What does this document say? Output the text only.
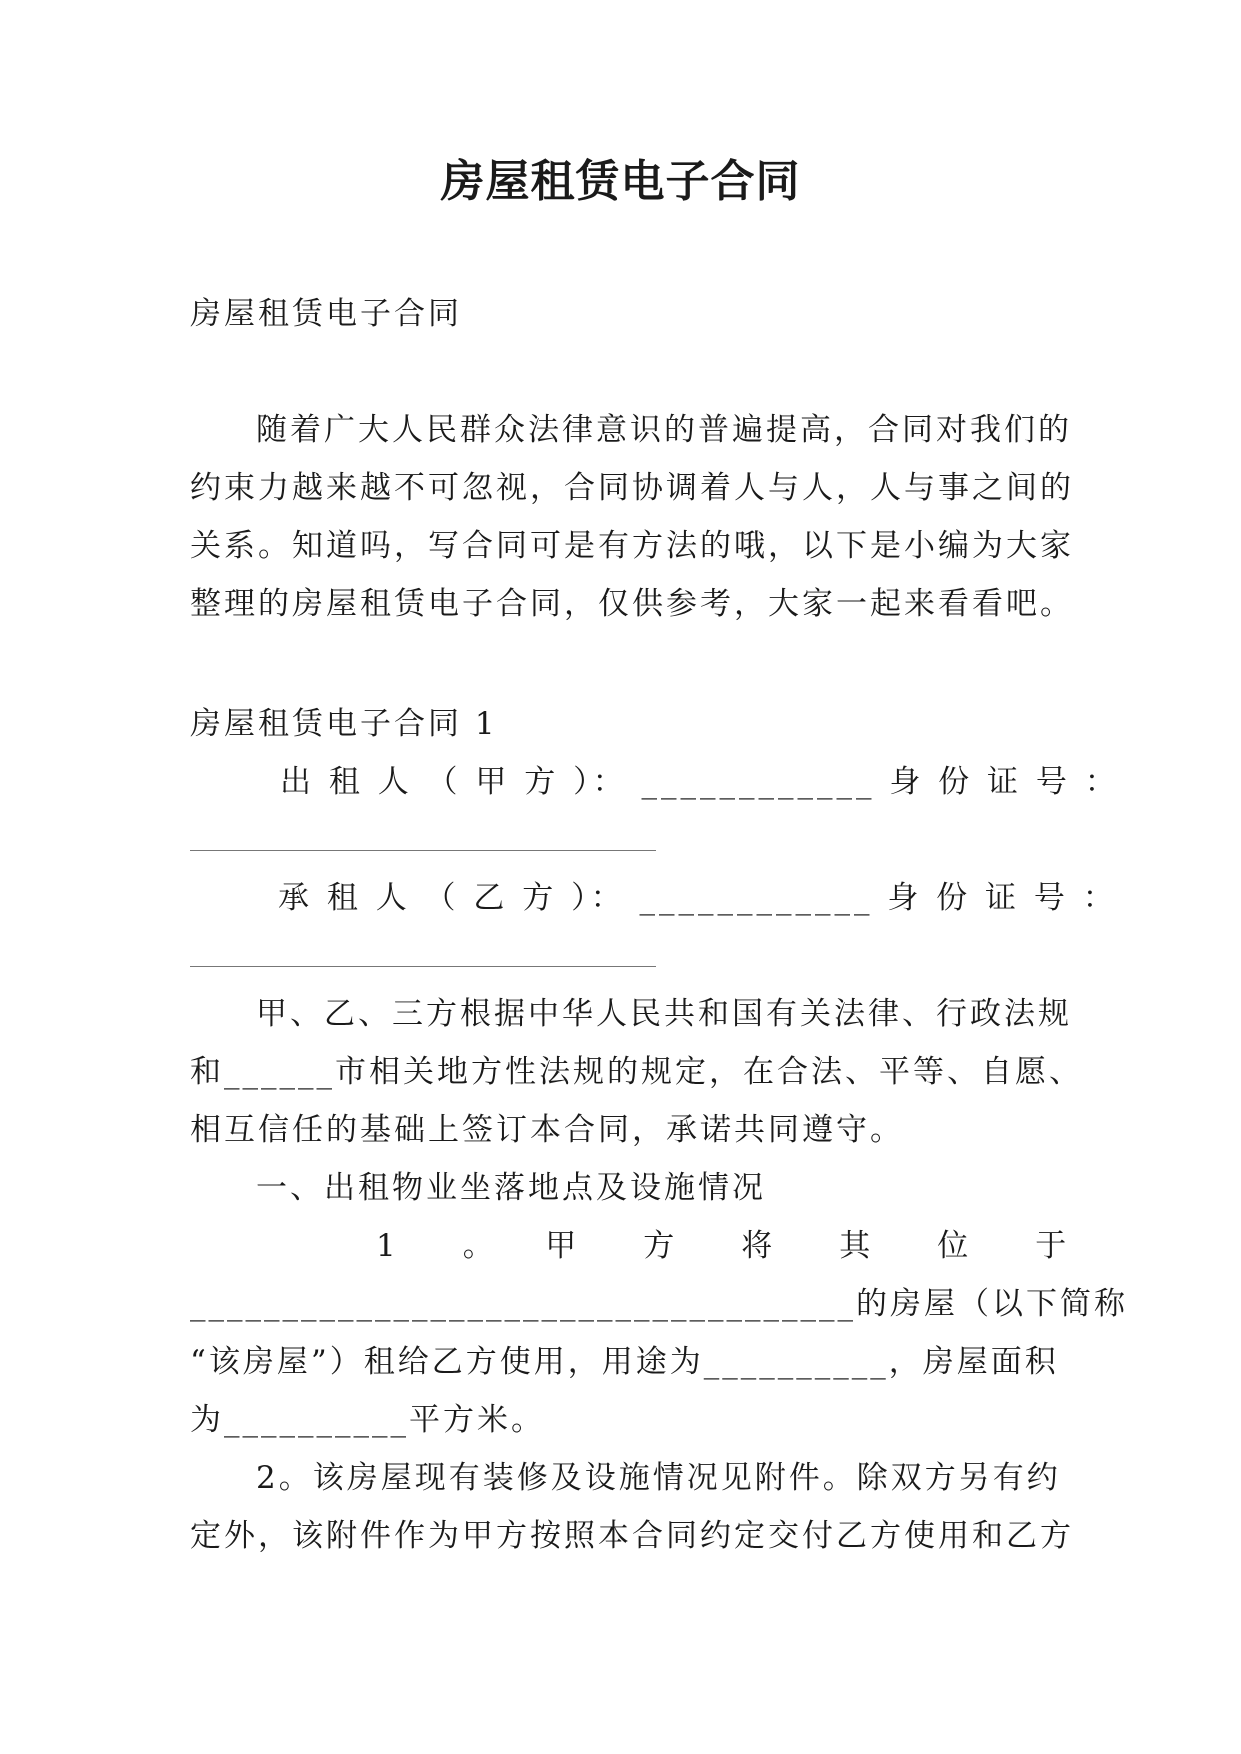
房屋租赁电子合同

房屋租赁电子合同

随着广大人民群众法律意识的普遍提高，合同对我们的

约束力越来越不可忽视，合同协调着人与人，人与事之间的

关系。知道吗，写合同可是有方法的哦，以下是小编为大家

整理的房屋租赁电子合同，仅供参考，大家一起来看看吧。

房屋租赁电子合同 1

出 租 人 （ 甲 方 ）： ____________ 身 份 证 号 ：

承 租 人 （ 乙 方 ）： ____________ 身 份 证 号 ：

甲、乙、三方根据中华人民共和国有关法律、行政法规

和______市相关地方性法规的规定，在合法、平等、自愿、

相互信任的基础上签订本合同，承诺共同遵守。

一、出租物业坐落地点及设施情况

1　。　甲　方　将　其　位　于

____________________________________的房屋（以下简称

“该房屋”）租给乙方使用，用途为__________，房屋面积

为__________平方米。

2。该房屋现有装修及设施情况见附件。除双方另有约

定外，该附件作为甲方按照本合同约定交付乙方使用和乙方
